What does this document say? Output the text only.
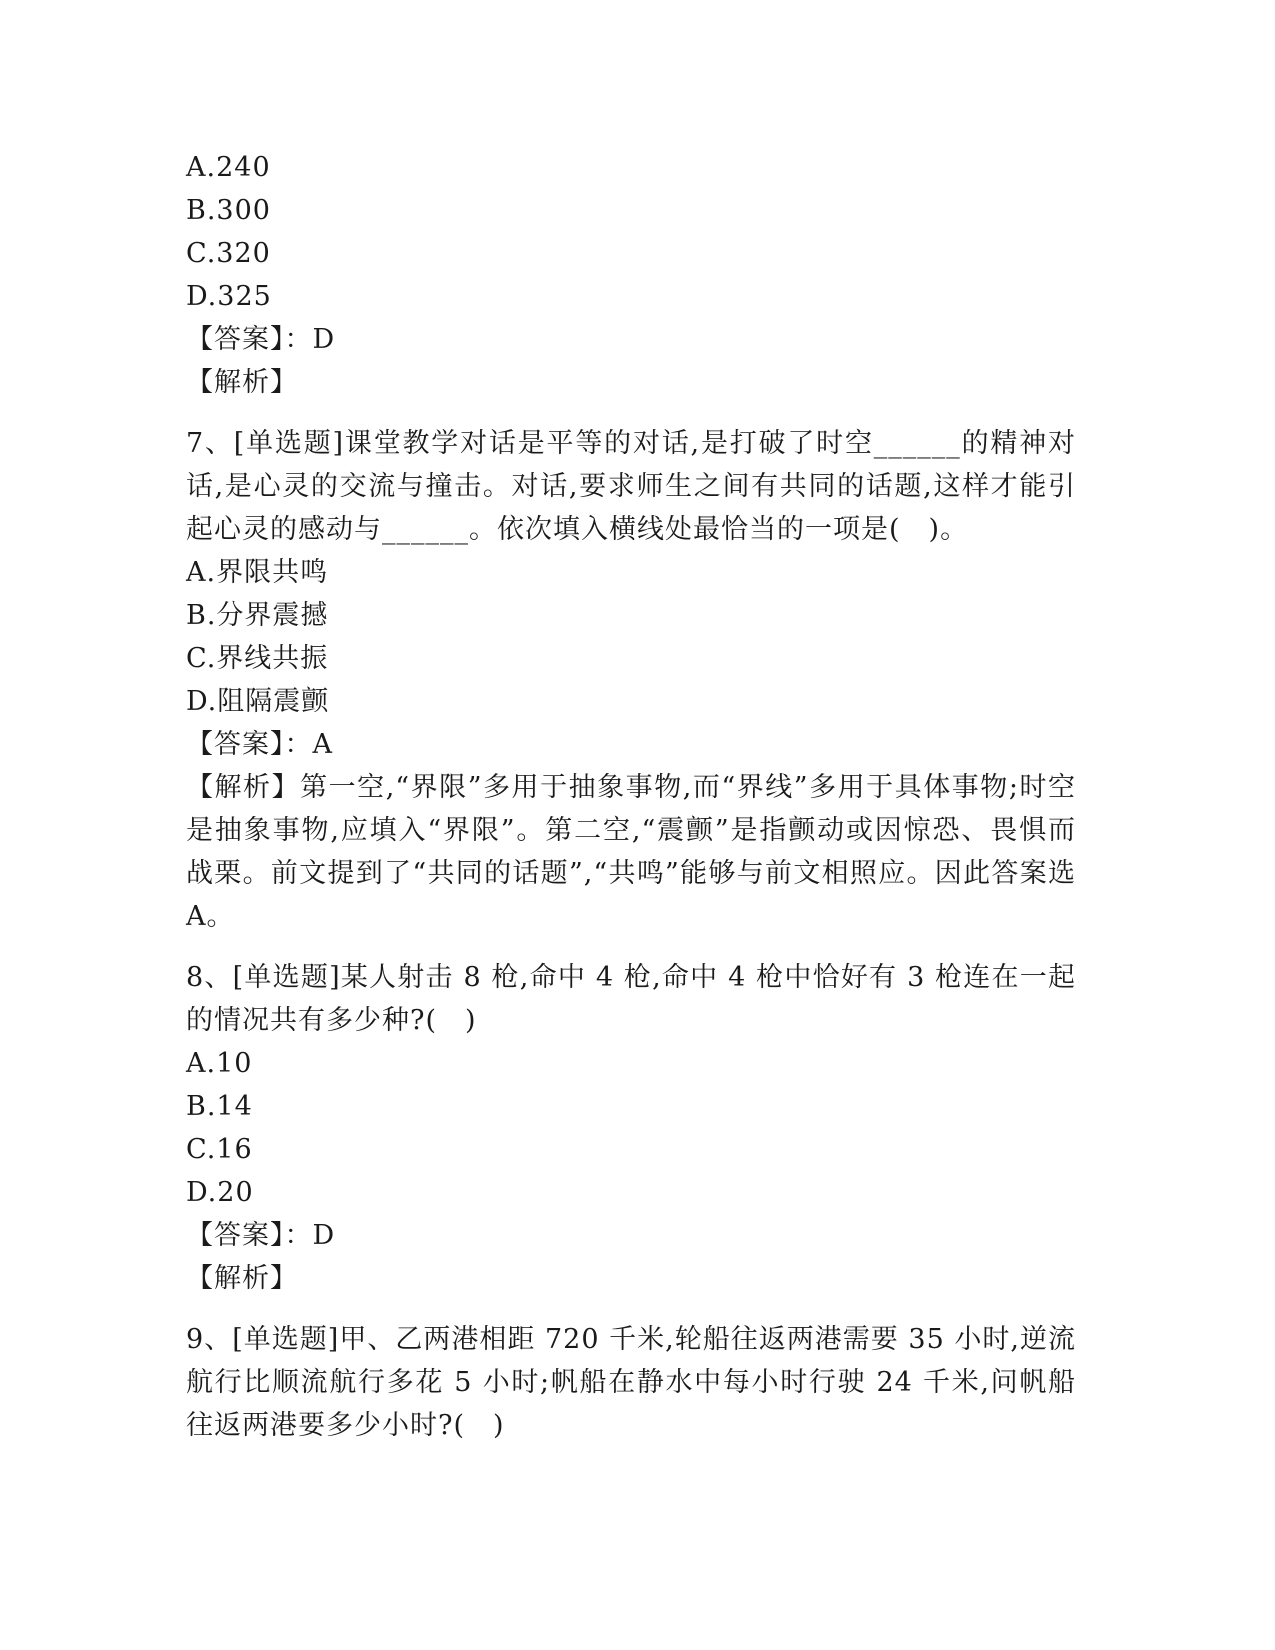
A.240
B.300
C.320
D.325
【答案】：D
【解析】
7、[单选题]课堂教学对话是平等的对话,是打破了时空______的精神对话,是心灵的交流与撞击。对话,要求师生之间有共同的话题,这样才能引起心灵的感动与______。依次填入横线处最恰当的一项是(　)。
A.界限共鸣
B.分界震撼
C.界线共振
D.阻隔震颤
【答案】：A
【解析】第一空,“界限”多用于抽象事物,而“界线”多用于具体事物;时空是抽象事物,应填入“界限”。第二空,“震颤”是指颤动或因惊恐、畏惧而战栗。前文提到了“共同的话题”,“共鸣”能够与前文相照应。因此答案选 A。
8、[单选题]某人射击 8 枪,命中 4 枪,命中 4 枪中恰好有 3 枪连在一起的情况共有多少种?(　)
A.10
B.14
C.16
D.20
【答案】：D
【解析】
9、[单选题]甲、乙两港相距 720 千米,轮船往返两港需要 35 小时,逆流航行比顺流航行多花 5 小时;帆船在静水中每小时行驶 24 千米,问帆船往返两港要多少小时?(　)
